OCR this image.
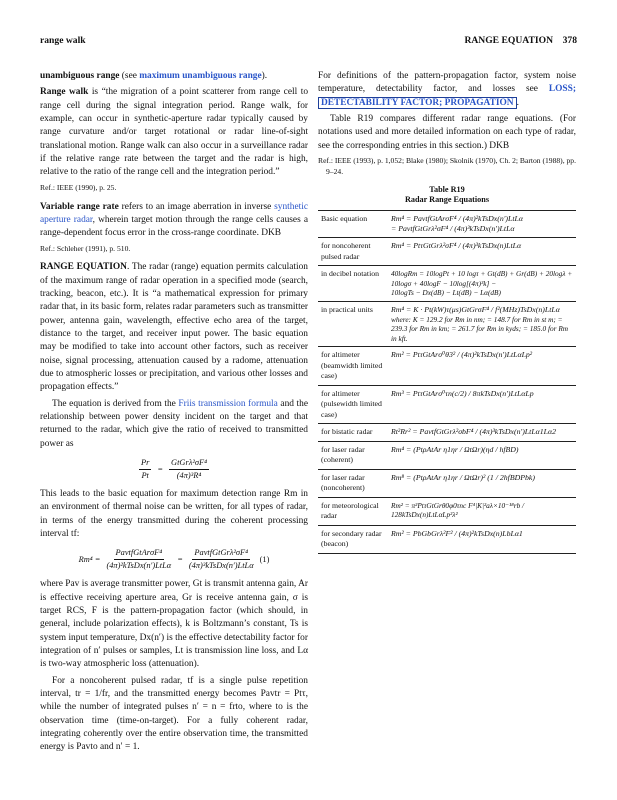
range walk	RANGE EQUATION 378

unambiguous range (see maximum unambiguous range).

Range walk is “the migration of a point scatterer from range cell to range cell during the signal integration period. Range walk, for example, can occur in synthetic-aperture radar typically caused by range curvature and/or target rotational or radar line-of-sight translational motion. Range walk can also occur in a surveillance radar if the relative range rate between the target and the radar is high, relative to the ratio of the range cell and the integration period.”

Ref.: IEEE (1990), p. 25.

Variable range rate refers to an image aberration in inverse synthetic aperture radar, wherein target motion through the range cells causes a range-dependent focus error in the cross-range coordinate. DKB

Ref.: Schleher (1991), p. 510.

RANGE EQUATION. The radar (range) equation permits calculation of the maximum range of radar operation in a specified mode (search, tracking, beacon, etc.). It is “a mathematical expression for primary radar that, in its basic form, relates radar parameters such as transmitter power, antenna gain, wavelength, effective echo area of the target, distance to the target, and receiver input power. The basic equation may be modified to take into account other factors, such as receiver noise, signal processing, attenuation caused by a radome, attenuation due to atmospheric losses or precipitation, and various other losses and propagation effects.”

The equation is derived from the Friis transmission formula and the relationship between power density incident on the target and that returned to the radar, which give the ratio of received to transmitted power as

$\frac{Pr}{Pt} = \frac{\text{GtGrλ²σF⁴}}{\text{(4π)³R⁴}}$

This leads to the basic equation for maximum detection range Rm in an environment of thermal noise can be written, for all types of radar, in terms of the energy transmitted during the coherent processing interval tf:

$Rm^4 = \frac{\text{PavtfGtArσF⁴}}{\text{(4π)²kTsDx(n′)LtLα}} = \frac{\text{PavtfGtGrλ²σF⁴}}{\text{(4π)³kTsDx(n′)LtLα}} (1)$

where Pav is average transmitter power, Gt is transmit antenna gain, Ar is effective receiving aperture area, Gr is receive antenna gain, σ is target RCS, F is the pattern-propagation factor (which should, in general, include polarization effects), k is Boltzmann’s constant, Ts is system input temperature, Dx(n′) is the effective detectability factor for integration of n′ pulses or samples, Lt is transmission line loss, and Lα is two-way atmospheric loss (attenuation).

For a noncoherent pulsed radar, tf is a single pulse repetition interval, tr = 1/fr, and the transmitted energy becomes Pavtr = Ptτ, while the number of integrated pulses n′ = n = frto, where to is the observation time (time-on-target). For a fully coherent radar, integrating coherently over the entire observation time, the transmitted energy is Pavto and n′ = 1.

For definitions of the pattern-propagation factor, system noise temperature, detectability factor, and losses see LOSS; DETECTABILITY FACTOR; PROPAGATION .

Table R19 compares different radar range equations. (For notations used and more detailed information on each type of radar, see the corresponding entries in this section.) DKB

Ref.: IEEE (1993), p. 1,052; Blake (1980); Skolnik (1970), Ch. 2; Barton (1988), pp. 9–24.

Table R19
Radar Range Equations
Basic equation	Rm⁴ = PavtfGtArσF⁴ / (4π)²kTsDx(n′)LtLα
= PavtfGtGrλ²σF⁴ / (4π)³kTsDx(n′)LtLα

for noncoherent pulsed radar	Rm⁴ = PtτGtGrλ²σF⁴ / (4π)³kTsDx(n)LtLα

in decibel notation	40logRm = 10logPt + 10 logτ + Gt(dB) + Gr(dB) + 20logλ + 10logσ + 40logF − 10log[(4π)³k] −
10logTs − Dx(dB) − Lt(dB) − Lα(dB)

in practical units	Rm⁴ = K · Pt(kW)τ(μs)GtGrσF⁴ / f²(MHz)TsDx(n)LtLα
where: K = 129.2 for Rm in nm; = 148.7 for Rm in st m; = 239.3 for Rm in km; = 261.7 for Rm in kyds; = 185.0 for Rm in kft.

for altimeter (beamwidth limited case)	Rm² = PtτGtArσ⁰θ3² / (4π)²kTsDx(n′)LtLαLp²

for altimeter (pulsewidth limited case)	Rm³ = PtτGtArσ⁰τn(c/2) / 8πkTsDx(n′)LtLαLp

for bistatic radar	Rt²Rr² = PavtfGtGrλ²σbF⁴ / (4π)³kTsDx(n′)LtLα1Lα2

for laser radar (coherent)	Rm⁴ = (PtρAtAr η1ηr / ΩtΩr)(ηd / hfBD)

for laser radar (noncoherent)	Rm⁸ = (PtρAtAr η1ηr / ΩtΩr)² (1 / 2hfBDPbk)

for meteorological radar	Rm² = π²PtτGtGrθ0φ0τnc F⁴|K|²aλ×10⁻¹⁸rb / 128kTsDx(n)LtLαLp²λ²

for secondary radar (beacon)	Rm² = PbGbGrλ²F² / (4π)²kTsDx(n)LbLα1
